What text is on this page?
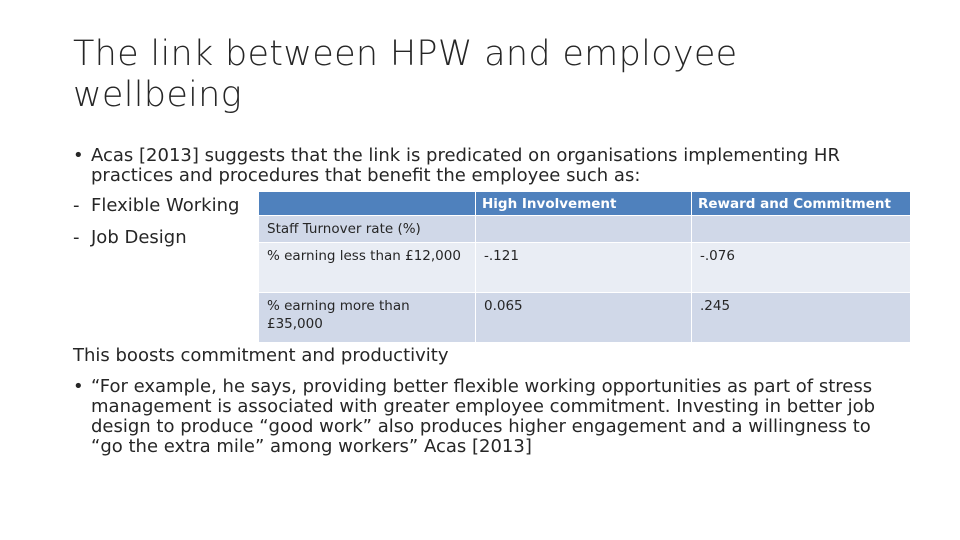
The link between HPW and employee
wellbeing
• Acas [2013] suggests that the link is predicated on organisations implementing HR practices and procedures that benefit the employee such as:
- Flexible Working
- Job Design
	High Involvement	Reward and Commitment
Staff Turnover rate (%)		
% earning less than £12,000	-.121	-.076
% earning more than £35,000	0.065	.245
This boosts commitment and productivity
• “For example, he says, providing better flexible working opportunities as part of stress management is associated with greater employee commitment. Investing in better job design to produce “good work” also produces higher engagement and a willingness to “go the extra mile” among workers” Acas [2013]
